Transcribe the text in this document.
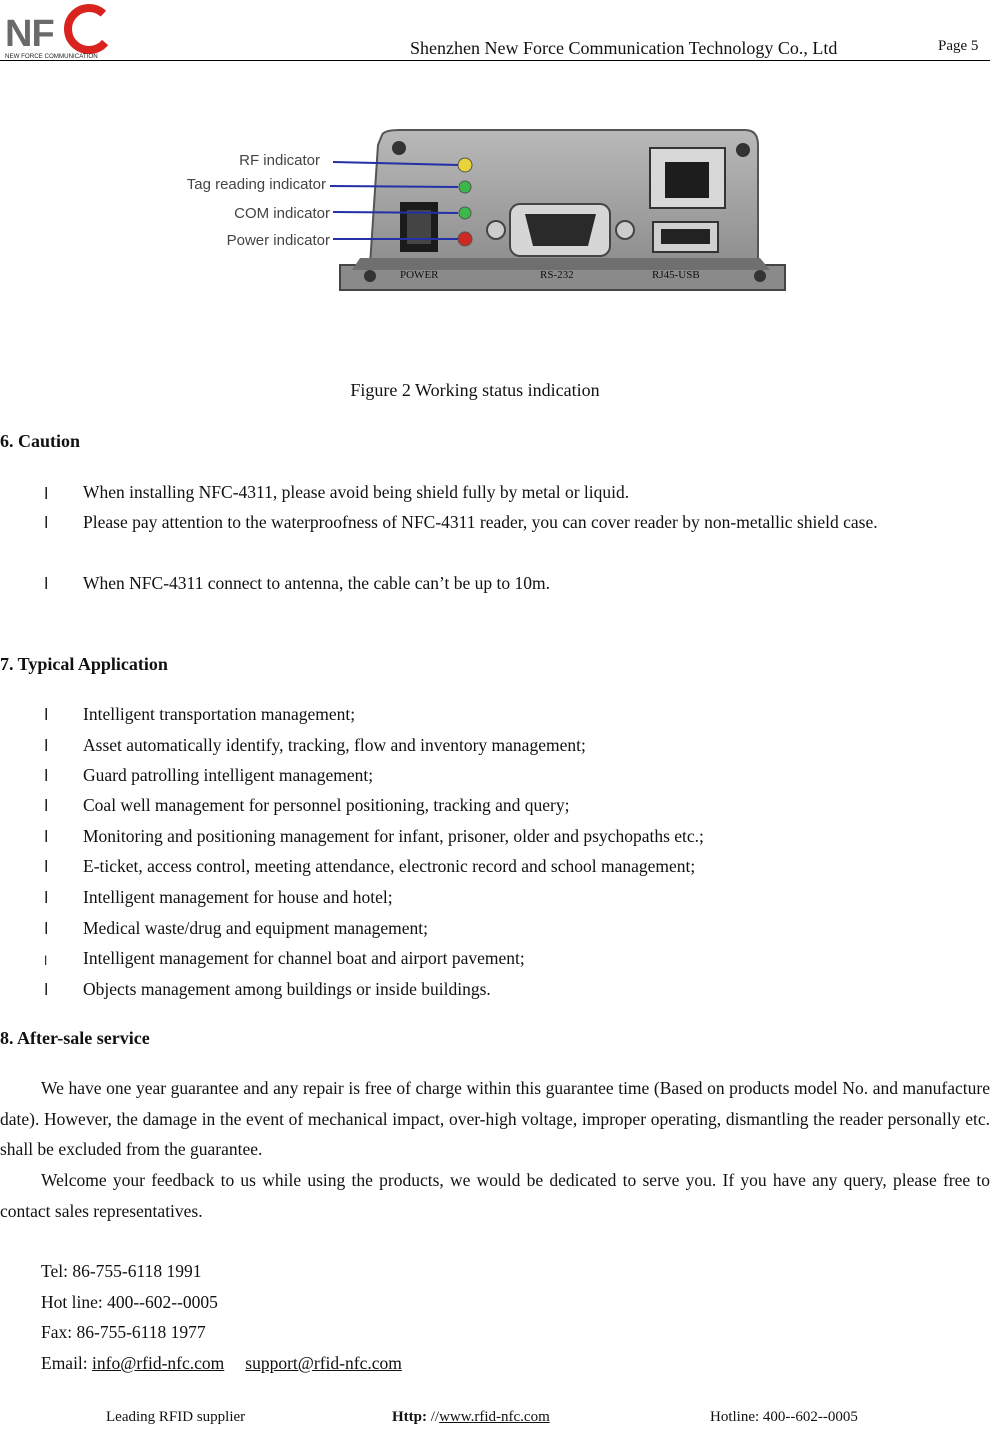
NF
NEW FORCE COMMUNICATION	Shenzhen New Force Communication Technology Co., Ltd	Page 5
POWER	RS-232	RJ45-USB
RF indicator
Tag reading indicator
COM indicator
Power indicator
Figure 2 Working status indication
6. Caution
l When installing NFC-4311, please avoid being shield fully by metal or liquid.
l Please pay attention to the waterproofness of NFC-4311 reader, you can cover reader by non-metallic shield case.
l When NFC-4311 connect to antenna, the cable can’t be up to 10m.
7. Typical Application
l Intelligent transportation management;
l Asset automatically identify, tracking, flow and inventory management;
l Guard patrolling intelligent management;
l Coal well management for personnel positioning, tracking and query;
l Monitoring and positioning management for infant, prisoner, older and psychopaths etc.;
l E-ticket, access control, meeting attendance, electronic record and school management;
l Intelligent management for house and hotel;
l Medical waste/drug and equipment management;
l Intelligent management for channel boat and airport pavement;
l Objects management among buildings or inside buildings.
8. After-sale service
We have one year guarantee and any repair is free of charge within this guarantee time (Based on products model No. and manufacture date). However, the damage in the event of mechanical impact, over-high voltage, improper operating, dismantling the reader personally etc. shall be excluded from the guarantee.
Welcome your feedback to us while using the products, we would be dedicated to serve you. If you have any query, please free to contact sales representatives.
Tel: 86-755-6118 1991
Hot line: 400--602--0005
Fax: 86-755-6118 1977
Email: info@rfid-nfc.com support@rfid-nfc.com
Leading RFID supplier	Http: //www.rfid-nfc.com	Hotline: 400--602--0005
